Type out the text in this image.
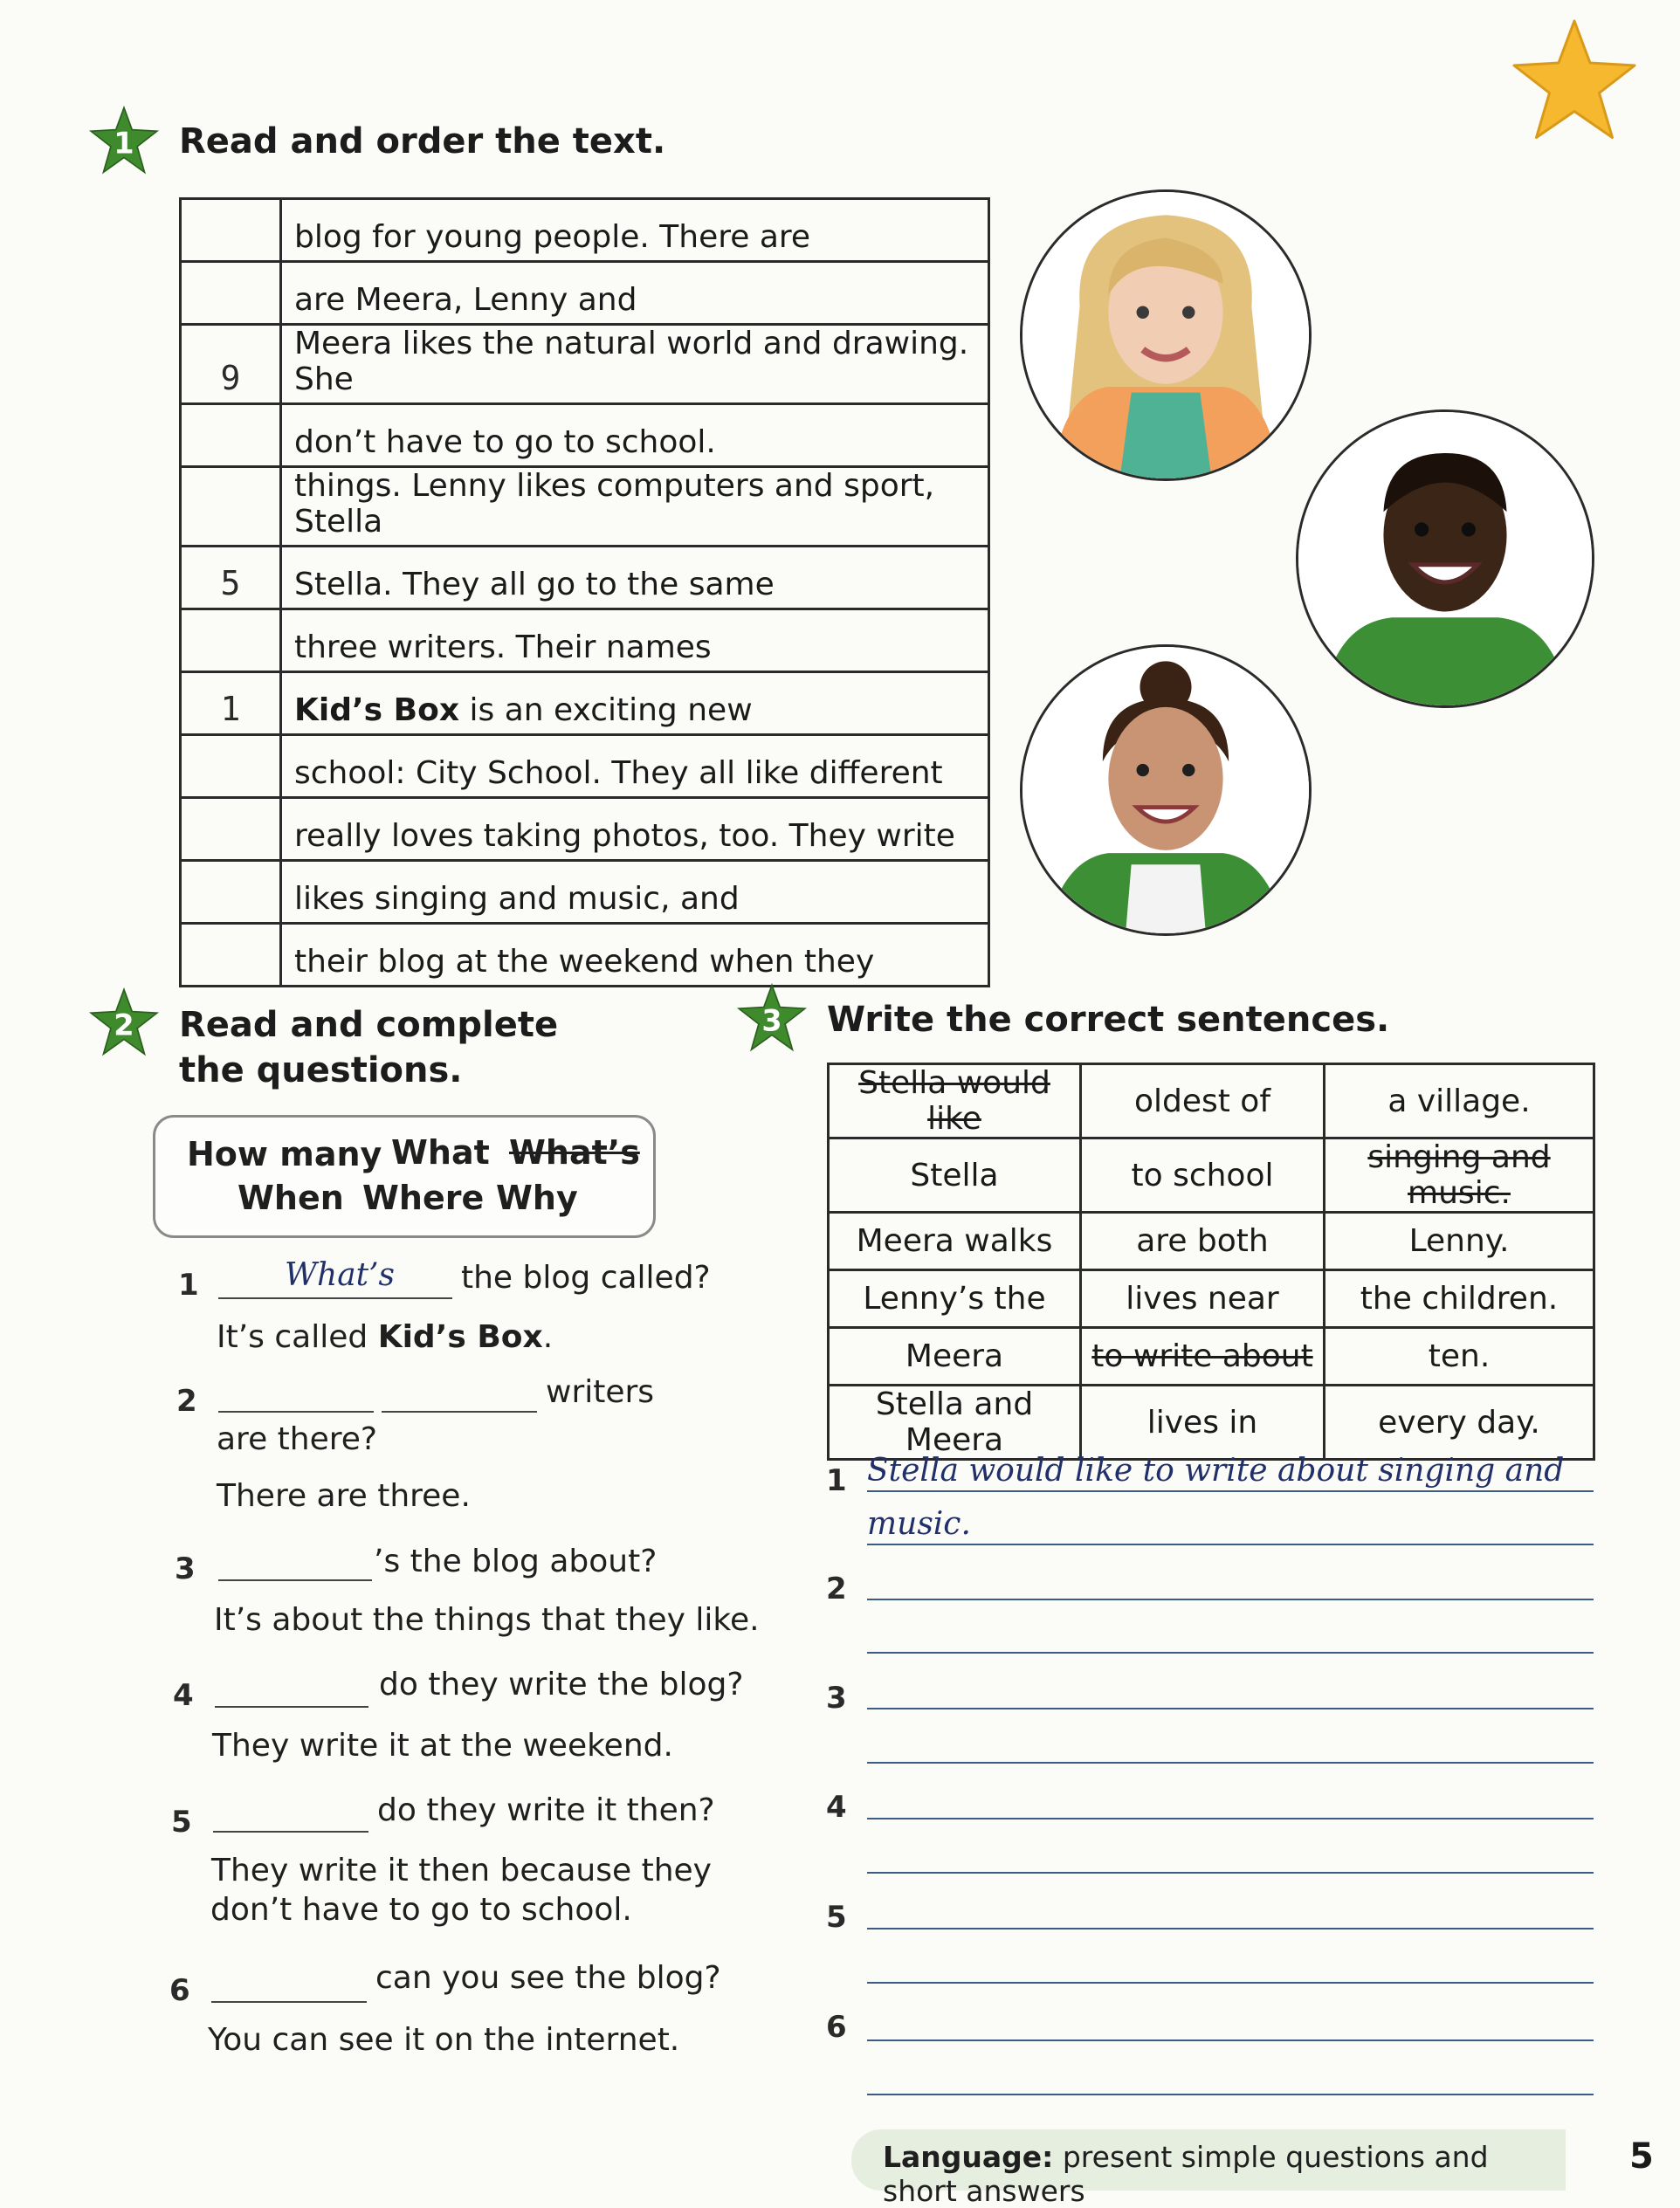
1 Read and order the text.
	blog for young people. There are
	are Meera, Lenny and
9	Meera likes the natural world and drawing. She
	don’t have to go to school.
	things. Lenny likes computers and sport, Stella
5	Stella. They all go to the same
	three writers. Their names
1	Kid’s Box is an exciting new
	school: City School. They all like different
	really loves taking photos, too. They write
	likes singing and music, and
	their blog at the weekend when they
2 Read and complete
the questions.
How many What What’s
When Where Why
1	What’s the blog called?
It’s called Kid’s Box.
2	writers
are there?
There are three.
3	’s the blog about?
It’s about the things that they like.
4	do they write the blog?
They write it at the weekend.
5	do they write it then?
They write it then because they
don’t have to go to school.
6	can you see the blog?
You can see it on the internet.
3 Write the correct sentences.
Stella would like	oldest of	a village.
Stella	to school	singing and music.
Meera walks	are both	Lenny.
Lenny’s the	lives near	the children.
Meera	to write about	ten.
Stella and Meera	lives in	every day.
1 Stella would like to write about singing and
music.
2
3
4
5
6
Language: present simple questions and short answers
5
